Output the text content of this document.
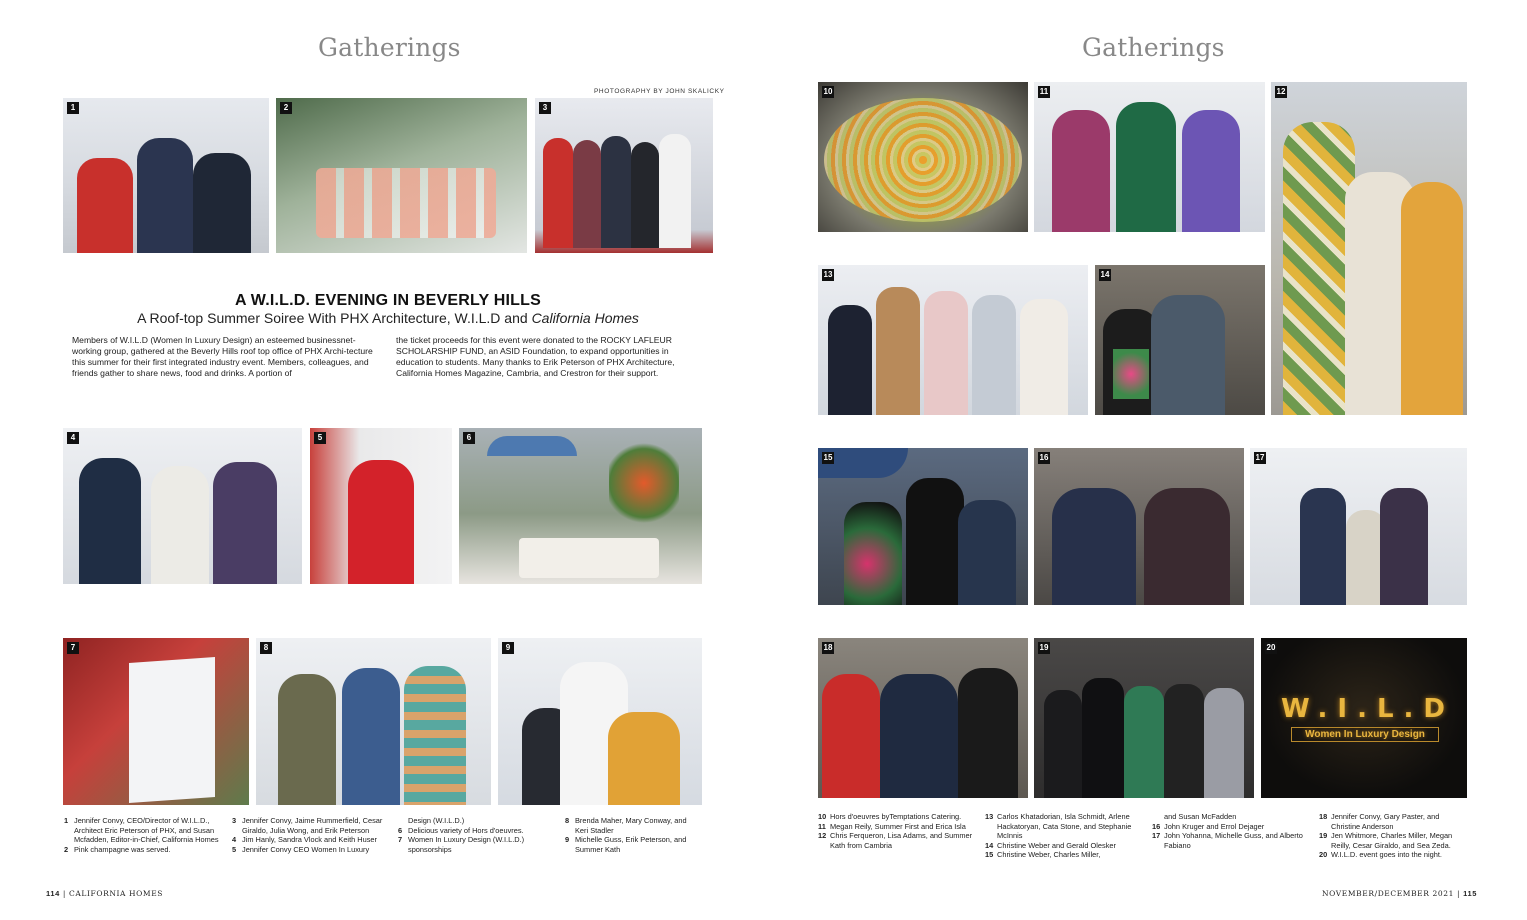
Gatherings
PHOTOGRAPHY BY JOHN SKALICKY
1	2	3
A W.I.L.D. EVENING IN BEVERLY HILLS
A Roof-top Summer Soiree With PHX Architecture, W.I.L.D and California Homes
Members of W.I.L.D (Women In Luxury Design) an esteemed businessnet-working group, gathered at the Beverly Hills roof top office of PHX Archi-tecture this summer for their first integrated industry event. Members, colleagues, and friends gather to share news, food and drinks. A portion of
the ticket proceeds for this event were donated to the ROCKY LAFLEUR SCHOLARSHIP FUND, an ASID Foundation, to expand opportunities in education to students. Many thanks to Erik Peterson of PHX Architecture, California Homes Magazine, Cambria, and Crestron for their support.
4	5	6
7	8	9
1 Jennifer Convy, CEO/Director of W.I.L.D., Architect Eric Peterson of PHX, and Susan Mcfadden, Editor-in-Chief, California Homes
2 Pink champagne was served.
3 Jennifer Convy, Jaime Rummerfield, Cesar Giraldo, Julia Wong, and Erik Peterson
4 Jim Hanly, Sandra Vlock and Keith Huser
5 Jennifer Convy CEO Women In Luxury
Design (W.I.L.D.)
6 Delicious variety of Hors d'oeuvres.
7 Women In Luxury Design (W.I.L.D.) sponsorships
8 Brenda Maher, Mary Conway, and Keri Stadler
9 Michelle Guss, Erik Peterson, and Summer Kath
114 | CALIFORNIA HOMES
Gatherings
10	11	12
13	14
15	16	17
18	19
W.I.L.D
Women In Luxury Design
20
10 Hors d'oeuvres byTemptations Catering.
11 Megan Reily, Summer First and Erica Isla
12 Chris Ferqueron, Lisa Adams, and Summer Kath from Cambria
13 Carlos Khatadorian, Isla Schmidt, Arlene Hackatoryan, Cata Stone, and Stephanie McInnis
14 Christine Weber and Gerald Olesker
15 Christine Weber, Charles Miller,
and Susan McFadden
16 John Kruger and Errol Dejager
17 John Yohanna, Michelle Guss, and Alberto Fabiano
18 Jennifer Convy, Gary Paster, and Christine Anderson
19 Jen Whitmore, Charles Miller, Megan Reilly, Cesar Giraldo, and Sea Zeda.
20 W.I.L.D. event goes into the night.
NOVEMBER/DECEMBER 2021 | 115
